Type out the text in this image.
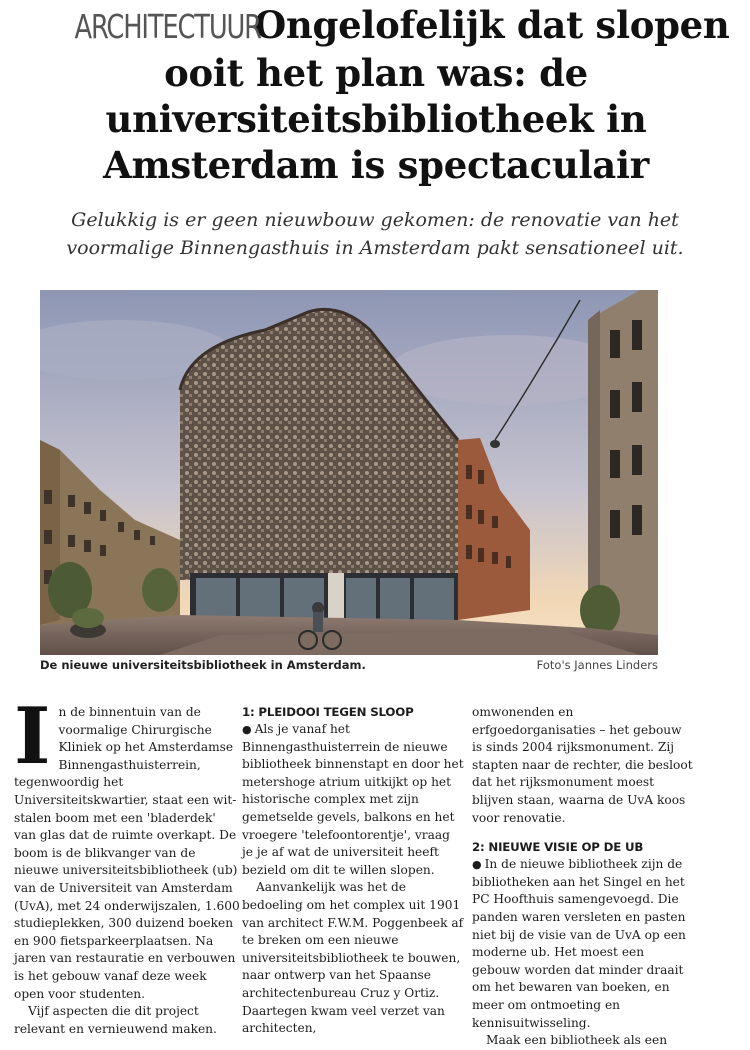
ARCHITECTUUR Ongelofelijk dat slopen ooit het plan was: de universiteitsbibliotheek in Amsterdam is spectaculair

Gelukkig is er geen nieuwbouw gekomen: de renovatie van het voormalige Binnengasthuis in Amsterdam pakt sensationeel uit.

De nieuwe universiteitsbibliotheek in Amsterdam.	Foto's Jannes Linders

In de binnentuin van de voormalige Chirurgische Kliniek op het Amsterdamse Binnengasthuisterrein, tegenwoordig het Universiteitskwartier, staat een wit-stalen boom met een 'bladerdek' van glas dat de ruimte overkapt. De boom is de blikvanger van de nieuwe universiteitsbibliotheek (ub) van de Universiteit van Amsterdam (UvA), met 24 onderwijszalen, 1.600 studieplekken, 300 duizend boeken en 900 fietsparkeerplaatsen. Na jaren van restauratie en verbouwen is het gebouw vanaf deze week open voor studenten.

Vijf aspecten die dit project relevant en vernieuwend maken.

1: PLEIDOOI TEGEN SLOOP

● Als je vanaf het Binnengasthuisterrein de nieuwe bibliotheek binnenstapt en door het metershoge atrium uitkijkt op het historische complex met zijn gemetselde gevels, balkons en het vroegere 'telefoontorentje', vraag je je af wat de universiteit heeft bezield om dit te willen slopen.

Aanvankelijk was het de bedoeling om het complex uit 1901 van architect F.W.M. Poggenbeek af te breken om een nieuwe universiteitsbibliotheek te bouwen, naar ontwerp van het Spaanse architectenbureau Cruz y Ortiz. Daartegen kwam veel verzet van architecten,

omwonenden en erfgoedorganisaties – het gebouw is sinds 2004 rijksmonument. Zij stapten naar de rechter, die besloot dat het rijksmonument moest blijven staan, waarna de UvA koos voor renovatie.

2: NIEUWE VISIE OP DE UB

● In de nieuwe bibliotheek zijn de bibliotheken aan het Singel en het PC Hoofthuis samengevoegd. Die panden waren versleten en pasten niet bij de visie van de UvA op een moderne ub. Het moest een gebouw worden dat minder draait om het bewaren van boeken, en meer om ontmoeting en kennisuitwisseling.

Maak een bibliotheek als een
